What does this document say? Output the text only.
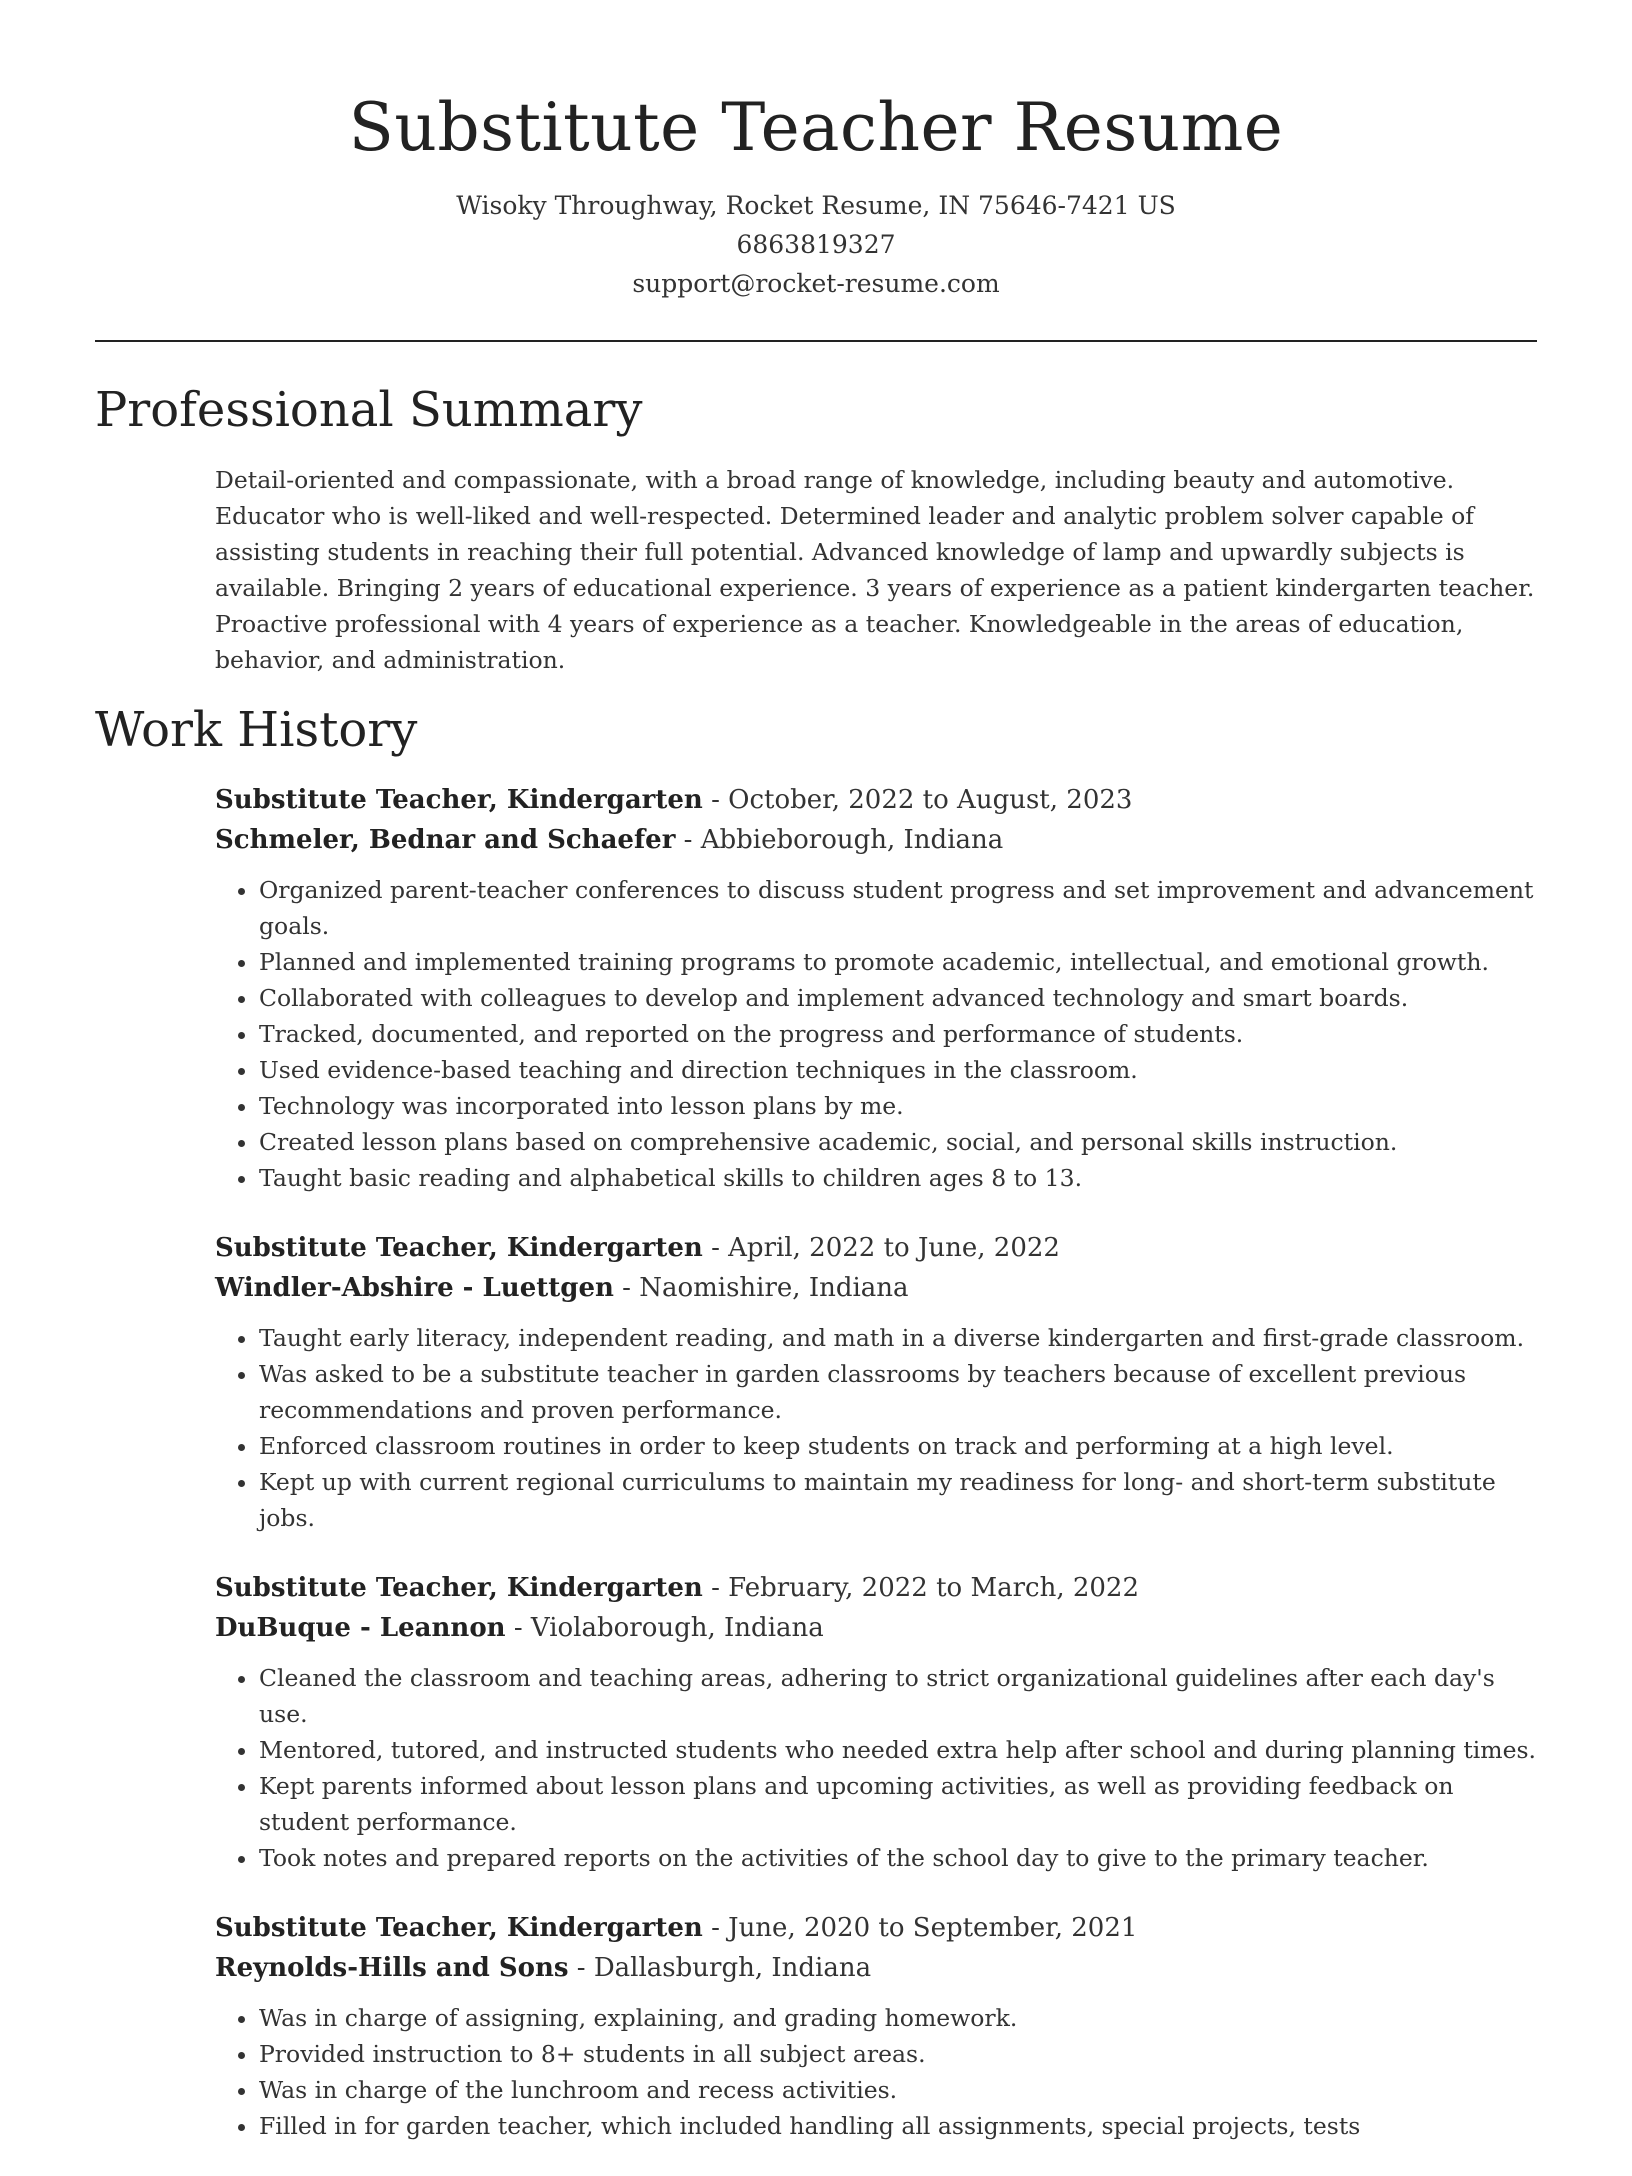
Substitute Teacher Resume
Wisoky Throughway, Rocket Resume, IN 75646-7421 US
6863819327
support@rocket-resume.com
Professional Summary

Detail-oriented and compassionate, with a broad range of knowledge, including beauty and automotive. Educator who is well-liked and well-respected. Determined leader and analytic problem solver capable of assisting students in reaching their full potential. Advanced knowledge of lamp and upwardly subjects is available. Bringing 2 years of educational experience. 3 years of experience as a patient kindergarten teacher. Proactive professional with 4 years of experience as a teacher. Knowledgeable in the areas of education, behavior, and administration.

Work History
Substitute Teacher, Kindergarten - October, 2022 to August, 2023
Schmeler, Bednar and Schaefer - Abbieborough, Indiana
• Organized parent-teacher conferences to discuss student progress and set improvement and advancement goals.
• Planned and implemented training programs to promote academic, intellectual, and emotional growth.
• Collaborated with colleagues to develop and implement advanced technology and smart boards.
• Tracked, documented, and reported on the progress and performance of students.
• Used evidence-based teaching and direction techniques in the classroom.
• Technology was incorporated into lesson plans by me.
• Created lesson plans based on comprehensive academic, social, and personal skills instruction.
• Taught basic reading and alphabetical skills to children ages 8 to 13.
Substitute Teacher, Kindergarten - April, 2022 to June, 2022
Windler-Abshire - Luettgen - Naomishire, Indiana
• Taught early literacy, independent reading, and math in a diverse kindergarten and first-grade classroom.
• Was asked to be a substitute teacher in garden classrooms by teachers because of excellent previous recommendations and proven performance.
• Enforced classroom routines in order to keep students on track and performing at a high level.
• Kept up with current regional curriculums to maintain my readiness for long- and short-term substitute jobs.
Substitute Teacher, Kindergarten - February, 2022 to March, 2022
DuBuque - Leannon - Violaborough, Indiana
• Cleaned the classroom and teaching areas, adhering to strict organizational guidelines after each day's use.
• Mentored, tutored, and instructed students who needed extra help after school and during planning times.
• Kept parents informed about lesson plans and upcoming activities, as well as providing feedback on student performance.
• Took notes and prepared reports on the activities of the school day to give to the primary teacher.
Substitute Teacher, Kindergarten - June, 2020 to September, 2021
Reynolds-Hills and Sons - Dallasburgh, Indiana
• Was in charge of assigning, explaining, and grading homework.
• Provided instruction to 8+ students in all subject areas.
• Was in charge of the lunchroom and recess activities.
• Filled in for garden teacher, which included handling all assignments, special projects, tests
